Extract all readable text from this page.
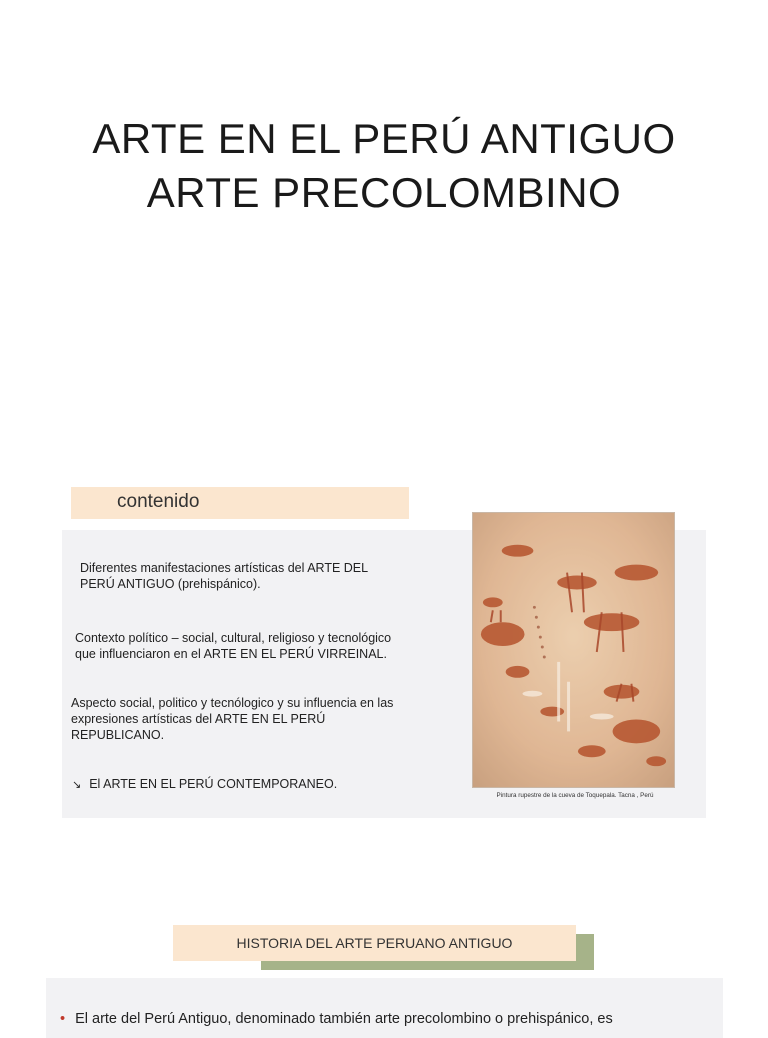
ARTE EN EL PERÚ ANTIGUO
ARTE PRECOLOMBINO
contenido
Diferentes manifestaciones artísticas del ARTE DEL PERÚ ANTIGUO (prehispánico).
Contexto político – social, cultural, religioso y tecnológico que influenciaron en el ARTE EN EL PERÚ VIRREINAL.
Aspecto social, politico y tecnólogico y su influencia en las expresiones artísticas del ARTE EN EL PERÚ REPUBLICANO.
↘ El ARTE EN EL PERÚ CONTEMPORANEO.
Pintura rupestre de la cueva de Toquepala. Tacna , Perú
HISTORIA DEL ARTE PERUANO ANTIGUO
• El arte del Perú Antiguo, denominado también arte precolombino o prehispánico, es
